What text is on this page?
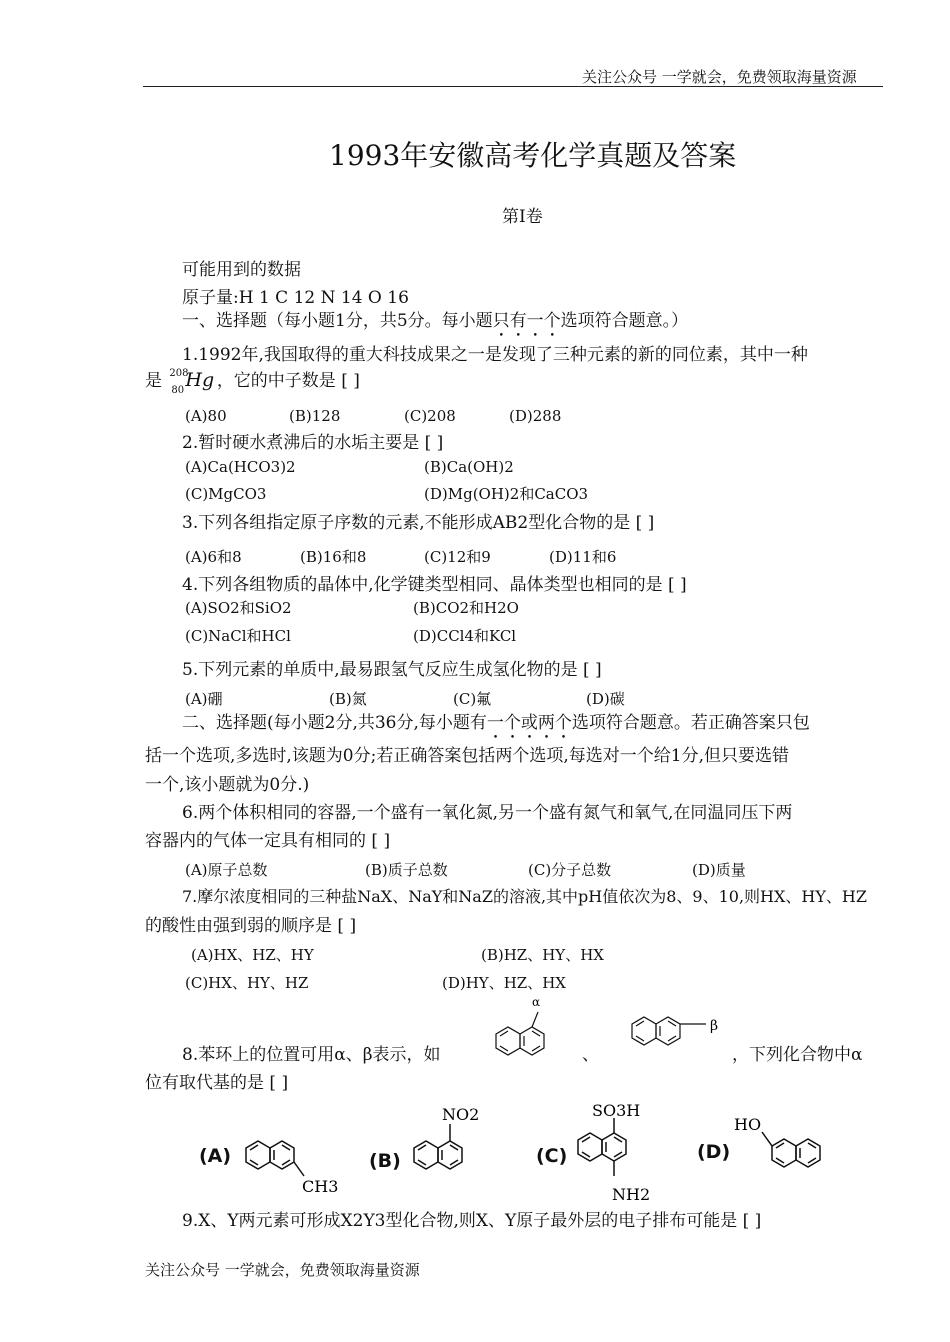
关注公众号 一学就会，免费领取海量资源
1993年安徽高考化学真题及答案
第Ⅰ卷
可能用到的数据
原子量:H 1 C 12 N 14 O 16
一、选择题（每小题1分，共5分。每小题只有一个选项符合题意。）
1.1992年,我国取得的重大科技成果之一是发现了三种元素的新的同位素，其中一种
是 208
80 Hg ，它的中子数是 [ ]
(A)80	(B)128	(C)208	(D)288
2.暂时硬水煮沸后的水垢主要是 [ ]
(A)Ca(HCO3)2	(B)Ca(OH)2
(C)MgCO3	(D)Mg(OH)2和CaCO3
3.下列各组指定原子序数的元素,不能形成AB2型化合物的是 [ ]
(A)6和8	(B)16和8	(C)12和9	(D)11和6
4.下列各组物质的晶体中,化学键类型相同、晶体类型也相同的是 [ ]
(A)SO2和SiO2	(B)CO2和H2O
(C)NaCl和HCl	(D)CCl4和KCl
5.下列元素的单质中,最易跟氢气反应生成氢化物的是 [ ]
(A)硼	(B)氮	(C)氟	(D)碳
二、选择题(每小题2分,共36分,每小题有一个或两个选项符合题意。若正确答案只包
括一个选项,多选时,该题为0分;若正确答案包括两个选项,每选对一个给1分,但只要选错
一个,该小题就为0分.)
6.两个体积相同的容器,一个盛有一氧化氮,另一个盛有氮气和氧气,在同温同压下两
容器内的气体一定具有相同的 [ ]
(A)原子总数	(B)质子总数	(C)分子总数	(D)质量
7.摩尔浓度相同的三种盐NaX、NaY和NaZ的溶液,其中pH值依次为8、9、10,则HX、HY、HZ
的酸性由强到弱的顺序是 [ ]
(A)HX、HZ、HY	(B)HZ、HY、HX
(C)HX、HY、HZ	(D)HY、HZ、HX
8.苯环上的位置可用α、β表示，如	、	，下列化合物中α
位有取代基的是 [ ]
α
β
(A)
CH3
(B)
NO2
(C)
SO3H
NH2
(D)
HO
9.X、Y两元素可形成X2Y3型化合物,则X、Y原子最外层的电子排布可能是 [ ]
关注公众号 一学就会，免费领取海量资源
